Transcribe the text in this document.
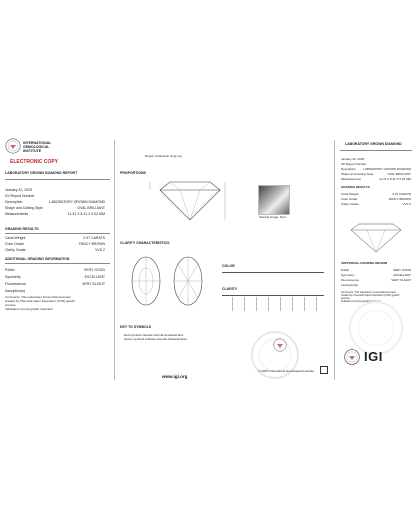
INTERNATIONAL
GEMOLOGICAL
INSTITUTE
ELECTRONIC COPY
LABORATORY GROWN DIAMOND REPORT
Report verification at igi.org
January 22, 2025
IGI Report Number
Description	LABORATORY GROWN DIAMOND
Shape and Cutting Style	OVAL BRILLIANT
Measurements	11.31 X 8.11 X 5.02 MM
GRADING RESULTS
Carat Weight	2.97 CARATS
Color Grade	FANCY BROWN
Clarity Grade	VVS 2
ADDITIONAL GRADING INFORMATION
Polish	VERY GOOD
Symmetry	EXCELLENT
Fluorescence	VERY SLIGHT
Inscription(s)
Comments: This Laboratory Grown Diamond was
created by Chemical Vapor Deposition (CVD) growth
process.
Indications of post-growth treatment
PROPORTIONS
Sample image. Not t
CLARITY CHARACTERISTICS
KEY TO SYMBOLS
Red symbols indicate internal characteristics.
Green symbols indicate external characteristics.
COLOR
CLARITY
www.igi.org
© 2025 International Gemological Institute
LABORATORY GROWN DIAMOND
January 22, 2025
IGI Report Number
Description LABORATORY GROWN DIAMOND
Shape and Cutting Style	OVAL BRILLIANT
Measurements	11.31 X 8.11 X 5.02 MM
GRADING RESULTS
Carat Weight	2.97 CARATS
Color Grade	FANCY BROWN
Clarity Grade	VVS 2
ADDITIONAL GRADING INFORM
Polish	VERY GOOD
Symmetry	EXCELLENT
Fluorescence	VERY SLIGHT
Inscription(s)
Comments: This Laboratory Grown Diamond was
created by Chemical Vapor Deposition (CVD) growth
process.
Indications of post-growth treatment
IGI
